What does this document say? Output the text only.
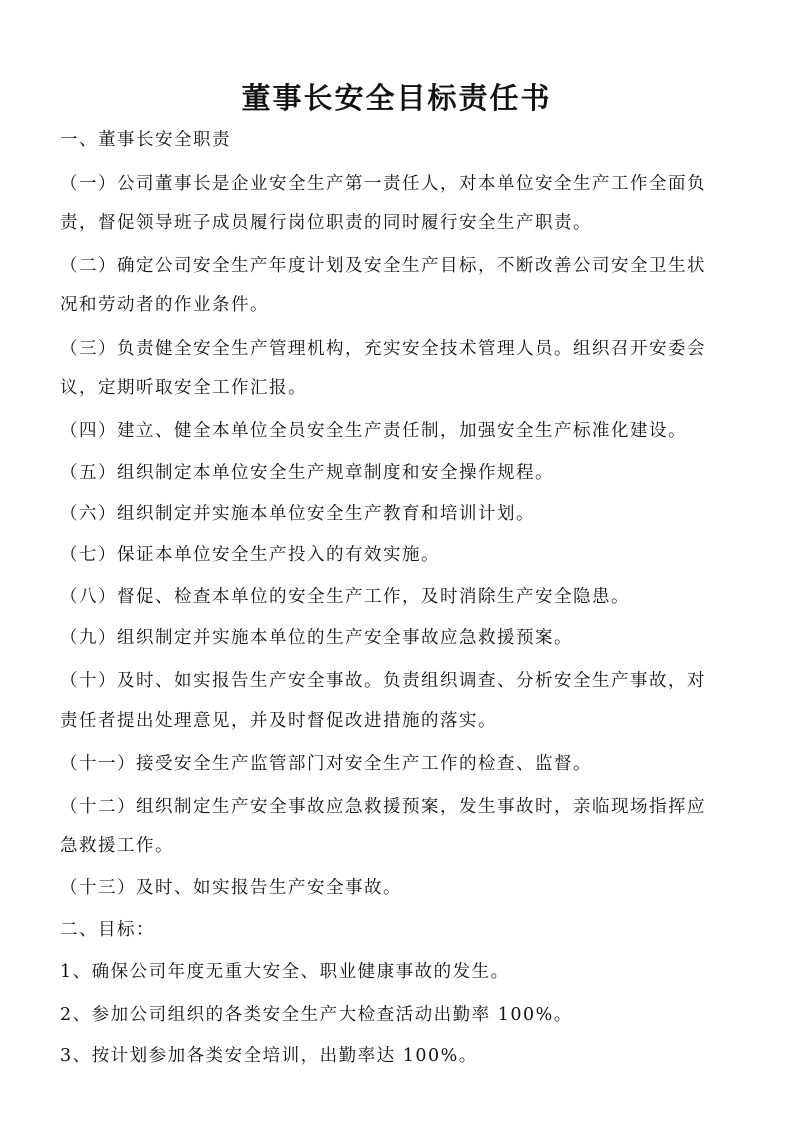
董事长安全目标责任书

一、董事长安全职责

（一）公司董事长是企业安全生产第一责任人，对本单位安全生产工作全面负

责，督促领导班子成员履行岗位职责的同时履行安全生产职责。

（二）确定公司安全生产年度计划及安全生产目标，不断改善公司安全卫生状

况和劳动者的作业条件。

（三）负责健全安全生产管理机构，充实安全技术管理人员。组织召开安委会

议，定期听取安全工作汇报。

（四）建立、健全本单位全员安全生产责任制，加强安全生产标准化建设。

（五）组织制定本单位安全生产规章制度和安全操作规程。

（六）组织制定并实施本单位安全生产教育和培训计划。

（七）保证本单位安全生产投入的有效实施。

（八）督促、检查本单位的安全生产工作，及时消除生产安全隐患。

（九）组织制定并实施本单位的生产安全事故应急救援预案。

（十）及时、如实报告生产安全事故。负责组织调查、分析安全生产事故，对

责任者提出处理意见，并及时督促改进措施的落实。

（十一）接受安全生产监管部门对安全生产工作的检查、监督。

（十二）组织制定生产安全事故应急救援预案，发生事故时，亲临现场指挥应

急救援工作。

（十三）及时、如实报告生产安全事故。

二、目标：

1、确保公司年度无重大安全、职业健康事故的发生。

2、参加公司组织的各类安全生产大检查活动出勤率 100%。

3、按计划参加各类安全培训，出勤率达 100%。
